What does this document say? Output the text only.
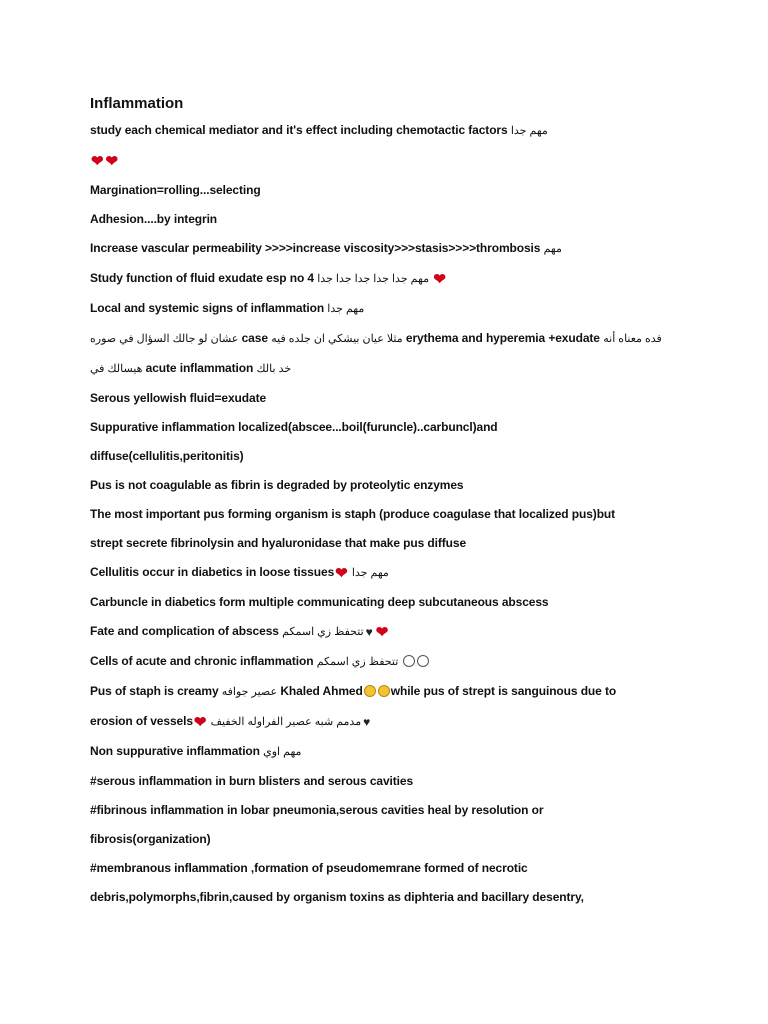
Inflammation
study each chemical mediator and it's effect including chemotactic factors مهم جدا
❤ ❤
Margination=rolling...selecting
Adhesion....by integrin
Increase vascular permeability >>>>increase viscosity>>>stasis>>>>thrombosis مهم
Study function of fluid exudate esp no 4 مهم جدا جدا جدا جدا جدا ❤
Local and systemic signs of inflammation مهم جدا
فده معناه أنه erythema and hyperemia +exudate مثلا عيان بيشكي ان جلده فيه case عشان لو جالك السؤال في صوره
خد بالك acute inflammation هيسالك في
Serous yellowish fluid=exudate
Suppurative inflammation localized(abscee...boil(furuncle)..carbuncl)and
diffuse(cellulitis,peritonitis)
Pus is not coagulable as fibrin is degraded by proteolytic enzymes
The most important pus forming organism is staph (produce coagulase that localized pus)but
strept secrete fibrinolysin and hyaluronidase that make pus diffuse
Cellulitis occur in diabetics in loose tissues❤ مهم جدا
Carbuncle in diabetics form multiple communicating deep subcutaneous abscess
Fate and complication of abscess تتحفظ زي اسمكم ♥ ❤
Cells of acute and chronic inflammation تتحفظ زي اسمكم
Pus of staph is creamy عصير جوافه Khaled Ahmed while pus of strept is sanguinous due to
erosion of vessels❤ مدمم شبه عصير الفراوله الخفيف ♥
Non suppurative inflammation مهم اوي
#serous inflammation in burn blisters and serous cavities
#fibrinous inflammation in lobar pneumonia,serous cavities heal by resolution or
fibrosis(organization)
#membranous inflammation ,formation of pseudomemrane formed of necrotic
debris,polymorphs,fibrin,caused by organism toxins as diphteria and bacillary desentry,
